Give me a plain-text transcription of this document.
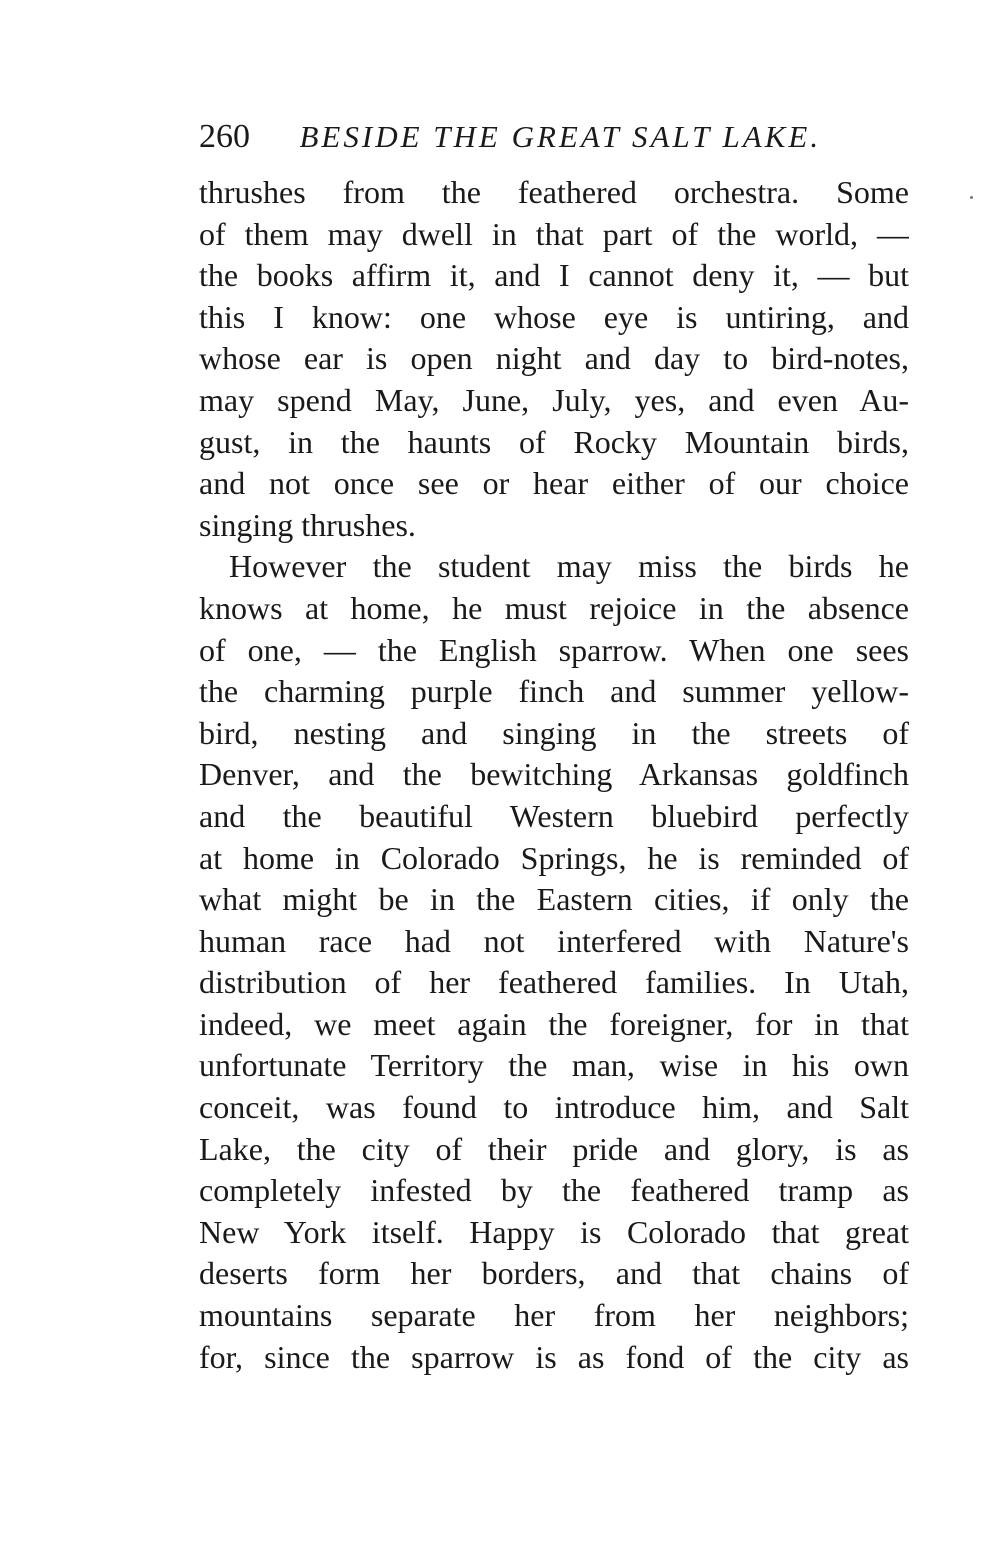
260 BESIDE THE GREAT SALT LAKE.
thrushes from the feathered orchestra. Some
of them may dwell in that part of the world, —
the books affirm it, and I cannot deny it, — but
this I know: one whose eye is untiring, and
whose ear is open night and day to bird-notes,
may spend May, June, July, yes, and even Au-
gust, in the haunts of Rocky Mountain birds,
and not once see or hear either of our choice
singing thrushes.
However the student may miss the birds he
knows at home, he must rejoice in the absence
of one, — the English sparrow. When one sees
the charming purple finch and summer yellow-
bird, nesting and singing in the streets of
Denver, and the bewitching Arkansas goldfinch
and the beautiful Western bluebird perfectly
at home in Colorado Springs, he is reminded of
what might be in the Eastern cities, if only the
human race had not interfered with Nature's
distribution of her feathered families. In Utah,
indeed, we meet again the foreigner, for in that
unfortunate Territory the man, wise in his own
conceit, was found to introduce him, and Salt
Lake, the city of their pride and glory, is as
completely infested by the feathered tramp as
New York itself. Happy is Colorado that great
deserts form her borders, and that chains of
mountains separate her from her neighbors;
for, since the sparrow is as fond of the city as
